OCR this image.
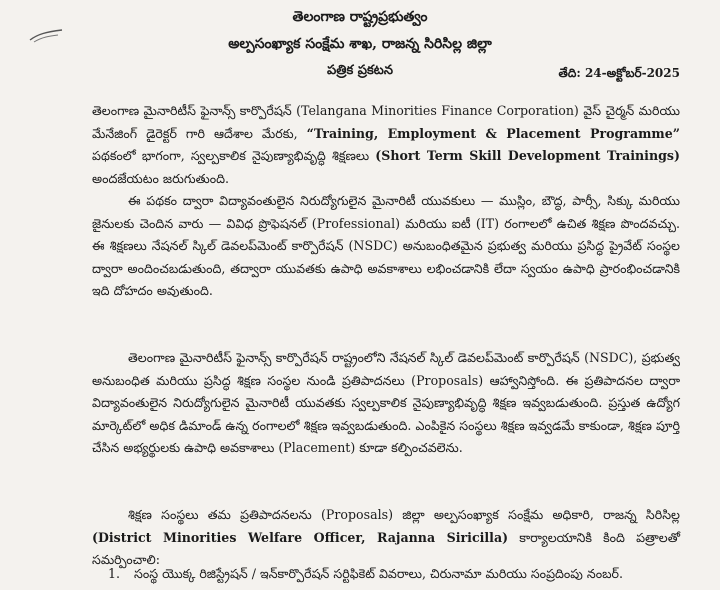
తెలంగాణ రాష్ట్రప్రభుత్వం
అల్పసంఖ్యాక సంక్షేమ శాఖ, రాజన్న సిరిసిల్ల జిల్లా
పత్రిక ప్రకటన	తేది: 24-అక్టోబర్-2025

తెలంగాణ మైనారిటీస్ ఫైనాన్స్ కార్పొరేషన్ (Telangana Minorities Finance Corporation) వైస్ చైర్మన్ మరియు మేనేజింగ్ డైరెక్టర్ గారి ఆదేశాల మేరకు, “Training, Employment & Placement Programme” పథకంలో భాగంగా, స్వల్పకాలిక నైపుణ్యాభివృద్ధి శిక్షణలు (Short Term Skill Development Trainings) అందజేయటం జరుగుతుంది.

ఈ పథకం ద్వారా విద్యావంతులైన నిరుద్యోగులైన మైనారిటీ యువకులు — ముస్లిం, బౌద్ధ, పార్సీ, సిక్కు మరియు జైనులకు చెందిన వారు — వివిధ ప్రొఫెషనల్ (Professional) మరియు ఐటీ (IT) రంగాలలో ఉచిత శిక్షణ పొందవచ్చు. ఈ శిక్షణలు నేషనల్ స్కిల్ డెవలప్‌మెంట్ కార్పొరేషన్ (NSDC) అనుబంధితమైన ప్రభుత్వ మరియు ప్రసిద్ధ ప్రైవేట్ సంస్థల ద్వారా అందించబడుతుంది, తద్వారా యువతకు ఉపాధి అవకాశాలు లభించడానికి లేదా స్వయం ఉపాధి ప్రారంభించడానికి ఇది దోహదం అవుతుంది.

తెలంగాణ మైనారిటీస్ ఫైనాన్స్ కార్పొరేషన్ రాష్ట్రంలోని నేషనల్ స్కిల్ డెవలప్‌మెంట్ కార్పొరేషన్ (NSDC), ప్రభుత్వ అనుబంధిత మరియు ప్రసిద్ధ శిక్షణ సంస్థల నుండి ప్రతిపాదనలు (Proposals) ఆహ్వానిస్తోంది. ఈ ప్రతిపాదనల ద్వారా విద్యావంతులైన నిరుద్యోగులైన మైనారిటీ యువతకు స్వల్పకాలిక నైపుణ్యాభివృద్ధి శిక్షణ ఇవ్వబడుతుంది. ప్రస్తుత ఉద్యోగ మార్కెట్‌లో అధిక డిమాండ్ ఉన్న రంగాలలో శిక్షణ ఇవ్వబడుతుంది. ఎంపికైన సంస్థలు శిక్షణ ఇవ్వడమే కాకుండా, శిక్షణ పూర్తి చేసిన అభ్యర్థులకు ఉపాధి అవకాశాలు (Placement) కూడా కల్పించవలెను.

శిక్షణ సంస్థలు తమ ప్రతిపాదనలను (Proposals) జిల్లా అల్పసంఖ్యాక సంక్షేమ అధికారి, రాజన్న సిరిసిల్ల (District Minorities Welfare Officer, Rajanna Siricilla) కార్యాలయానికి కింది పత్రాలతో సమర్పించాలి:

1. సంస్థ యొక్క రిజిస్ట్రేషన్ / ఇన్‌కార్పొరేషన్ సర్టిఫికెట్ వివరాలు, చిరునామా మరియు సంప్రదింపు నంబర్.
